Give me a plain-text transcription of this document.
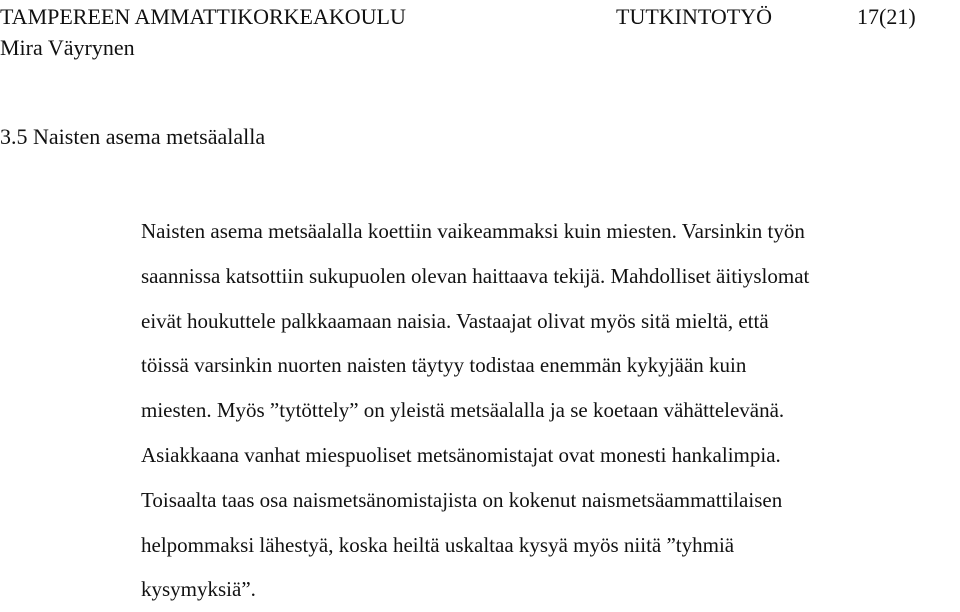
TAMPEREEN AMMATTIKORKEAKOULU	TUTKINTOTYÖ	17(21)
Mira Väyrynen
3.5 Naisten asema metsäalalla

Naisten asema metsäalalla koettiin vaikeammaksi kuin miesten. Varsinkin työn
saannissa katsottiin sukupuolen olevan haittaava tekijä. Mahdolliset äitiyslomat
eivät houkuttele palkkaamaan naisia. Vastaajat olivat myös sitä mieltä, että
töissä varsinkin nuorten naisten täytyy todistaa enemmän kykyjään kuin
miesten. Myös ”tytöttely” on yleistä metsäalalla ja se koetaan vähättelevänä.
Asiakkaana vanhat miespuoliset metsänomistajat ovat monesti hankalimpia.
Toisaalta taas osa naismetsänomistajista on kokenut naismetsäammattilaisen
helpommaksi lähestyä, koska heiltä uskaltaa kysyä myös niitä ”tyhmiä
kysymyksiä”.
